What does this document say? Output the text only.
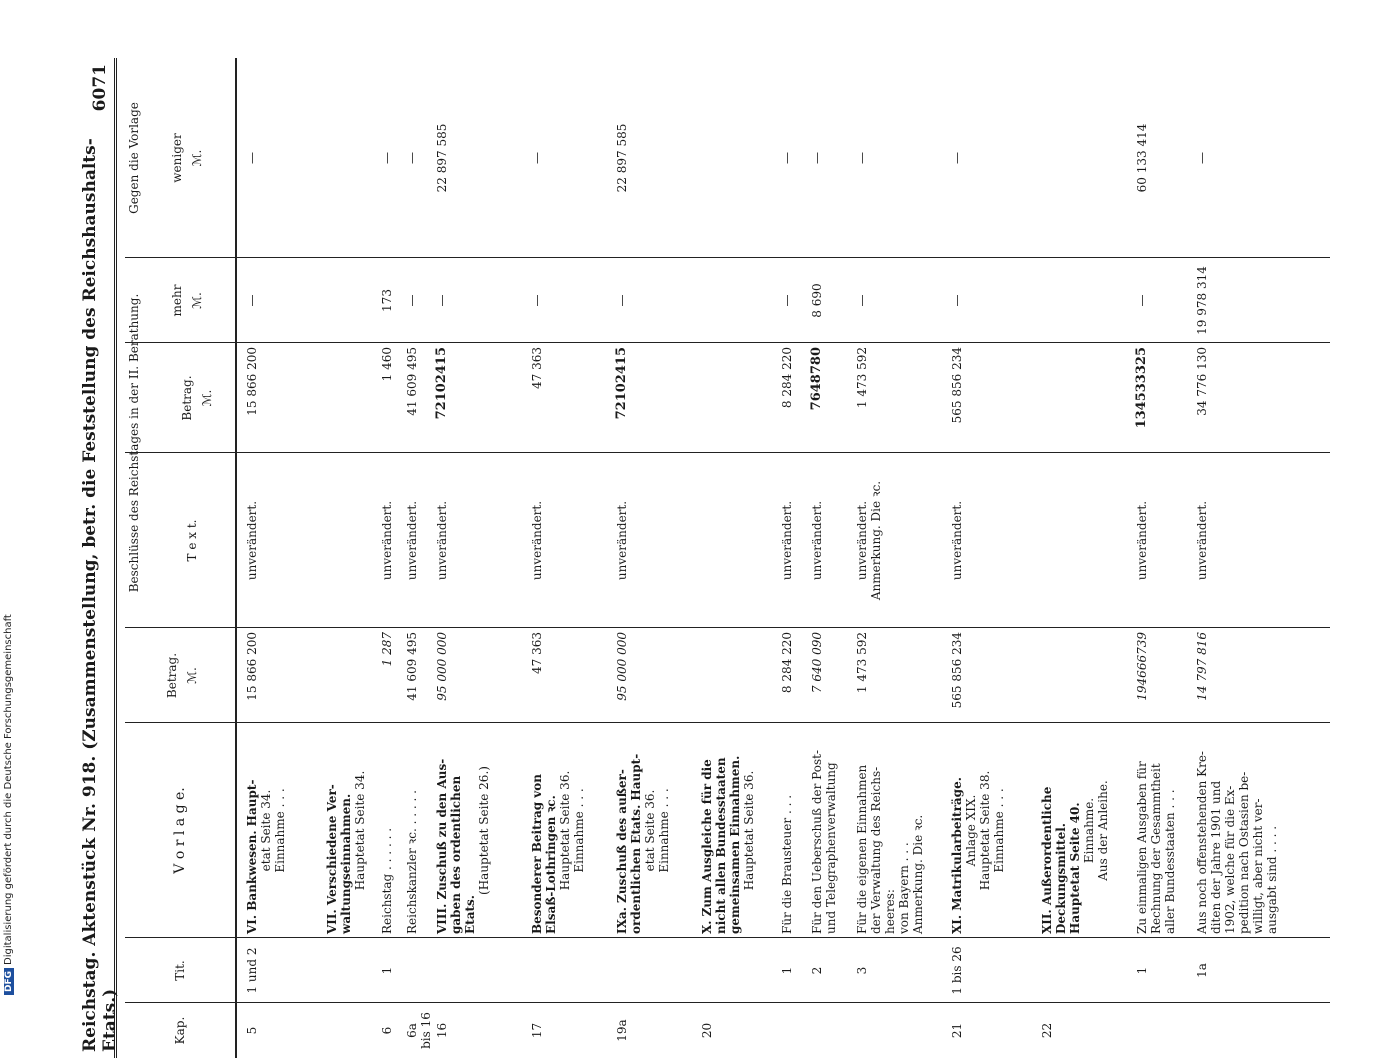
DFGDigitalisierung gefördert durch die Deutsche Forschungsgemeinschaft	Reichstag. Aktenstück Nr. 918. (Zusammenstellung, betr. die Feststellung des Reichshaushalts-Etats.)
6071
Kap.
Tit.
V o r l a g e.
Betrag. ℳ.
Beschlüsse des Reichstages in der II. Berathung.	T e x t.
Betrag. ℳ.
Gegen die Vorlage
mehr ℳ.
weniger ℳ.
5
1 und 2
VI. Bankwesen. Haupt- etat Seite 34. Einnahme . . .
15 866 200
unverändert.
15 866 200
—
—
VII. Verschiedene Ver- waltungseinnahmen. Hauptetat Seite 34.
6
1
Reichstag . . . . . .
1 287
unverändert.
1 460
173
—
6a
bis 16
Reichskanzler ꝛc. . . . . .
41 609 495
unverändert.
41 609 495
—
—
16
VIII. Zuschuß zu den Aus- gaben des ordentlichen Etats.
(Hauptetat Seite 26.)
95 000 000
unverändert.
72102415
—
22 897 585
17
Besonderer Beitrag von Elsaß-Lothringen ꝛc. Hauptetat Seite 36. Einnahme . . .
47 363
unverändert.
47 363
—
—
19a
IXa. Zuschuß des außer- ordentlichen Etats. Haupt- etat Seite 36. Einnahme . . .
95 000 000
unverändert.
72102415
—
22 897 585
20
X. Zum Ausgleiche für die nicht allen Bundesstaaten gemeinsamen Einnahmen. Hauptetat Seite 36.
1
Für die Brausteuer . . .
8 284 220
unverändert.
8 284 220
—
—
2
Für den Ueberschuß der Post-
und Telegraphenverwaltung
7 640 090
unverändert.
7648780
8 690
—
3
Für die eigenen Einnahmen
der Verwaltung des Reichs-
heeres:
von Bayern . . .
Anmerkung. Die ꝛc.
1 473 592
unverändert.
Anmerkung. Die ꝛc.
1 473 592
—
—
21
1 bis 26
XI. Matrikularbeiträge. Anlage XIX. Hauptetat Seite 38. Einnahme . . .
565 856 234
unverändert.
565 856 234
—
—
22
XII. Außerordentliche Deckungsmittel. Hauptetat Seite 40. Einnahme. Aus der Anleihe.
1
Zu einmaligen Ausgaben für
Rechnung der Gesammtheit
aller Bundesstaaten . . .
194666739
unverändert.
134533325
—
60 133 414
1a
Aus noch offenstehenden Kre-
diten der Jahre 1901 und
1902, welche für die Ex-
pedition nach Ostasien be-
willigt, aber nicht ver-
ausgabt sind . . . .
14 797 816
unverändert.
34 776 130
19 978 314
—
